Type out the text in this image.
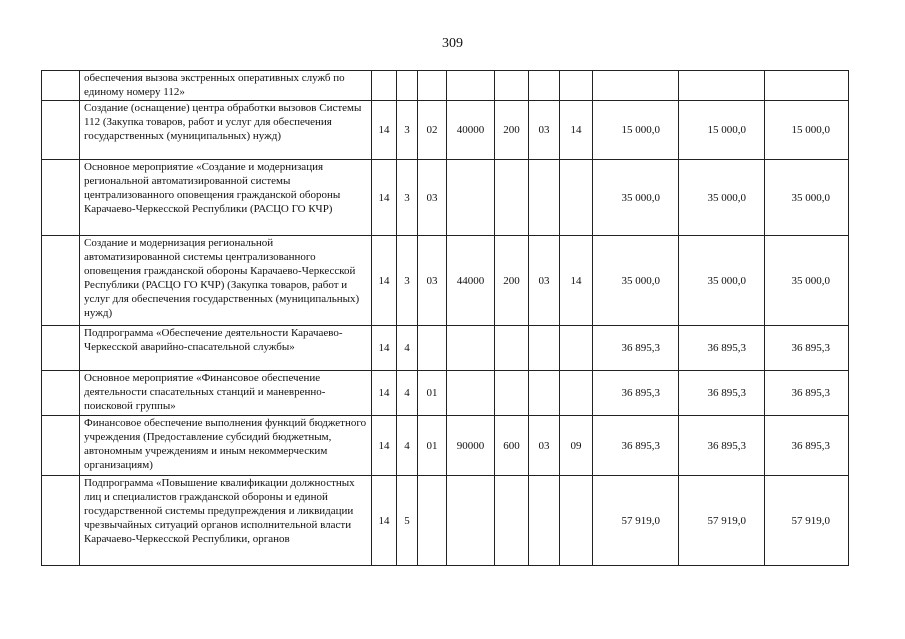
309
	обеспечения вызова экстренных оперативных служб по единому номеру 112»										
	Создание (оснащение) центра обработки вызовов Системы 112 (Закупка товаров, работ и услуг для обеспечения государственных (муниципальных) нужд)	14	3	02	40000	200	03	14	15 000,0	15 000,0	15 000,0
	Основное мероприятие «Создание и модернизация региональной автоматизированной системы централизованного оповещения гражданской обороны Карачаево-Черкесской Республики (РАСЦО ГО КЧР)	14	3	03					35 000,0	35 000,0	35 000,0
	Создание и модернизация региональной автоматизированной системы централизованного оповещения гражданской обороны Карачаево-Черкесской Республики (РАСЦО ГО КЧР) (Закупка товаров, работ и услуг для обеспечения государственных (муниципальных) нужд)	14	3	03	44000	200	03	14	35 000,0	35 000,0	35 000,0
	Подпрограмма «Обеспечение деятельности Карачаево-Черкесской аварийно-спасательной службы»	14	4						36 895,3	36 895,3	36 895,3
	Основное мероприятие «Финансовое обеспечение деятельности спасательных станций и маневренно-поисковой группы»	14	4	01					36 895,3	36 895,3	36 895,3
	Финансовое обеспечение выполнения функций бюджетного учреждения (Предоставление субсидий бюджетным, автономным учреждениям и иным некоммерческим организациям)	14	4	01	90000	600	03	09	36 895,3	36 895,3	36 895,3
	Подпрограмма «Повышение квалификации должностных лиц и специалистов гражданской обороны и единой государственной системы предупреждения и ликвидации чрезвычайных ситуаций органов исполнительной власти Карачаево-Черкесской Республики, органов	14	5						57 919,0	57 919,0	57 919,0
